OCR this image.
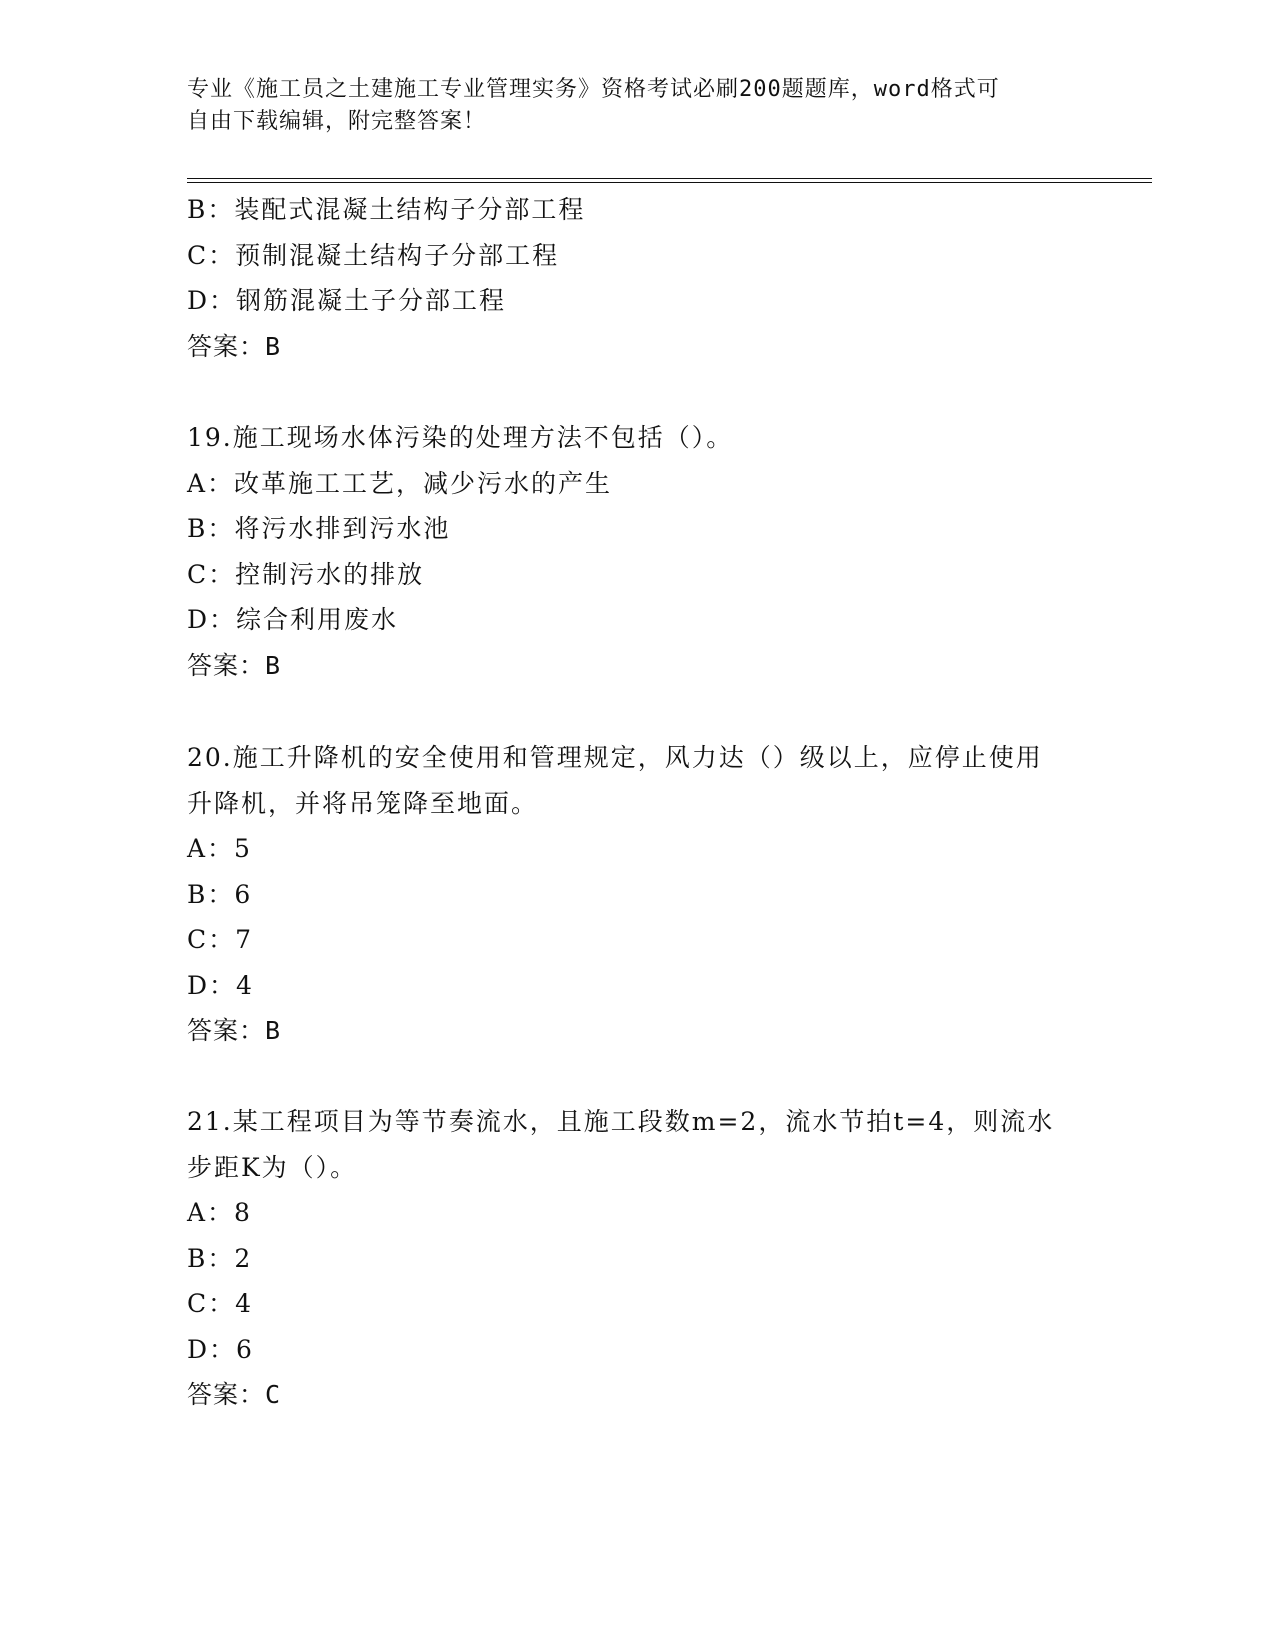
专业《施工员之土建施工专业管理实务》资格考试必刷200题题库，word格式可
自由下载编辑，附完整答案！
B：装配式混凝土结构子分部工程
C：预制混凝土结构子分部工程
D：钢筋混凝土子分部工程
答案：B
19.施工现场水体污染的处理方法不包括（）。
A：改革施工工艺，减少污水的产生
B：将污水排到污水池
C：控制污水的排放
D：综合利用废水
答案：B
20.施工升降机的安全使用和管理规定，风力达（）级以上，应停止使用升降机，并将吊笼降至地面。
A：5
B：6
C：7
D：4
答案：B
21.某工程项目为等节奏流水，且施工段数m=2，流水节拍t=4，则流水步距K为（）。
A：8
B：2
C：4
D：6
答案：C
